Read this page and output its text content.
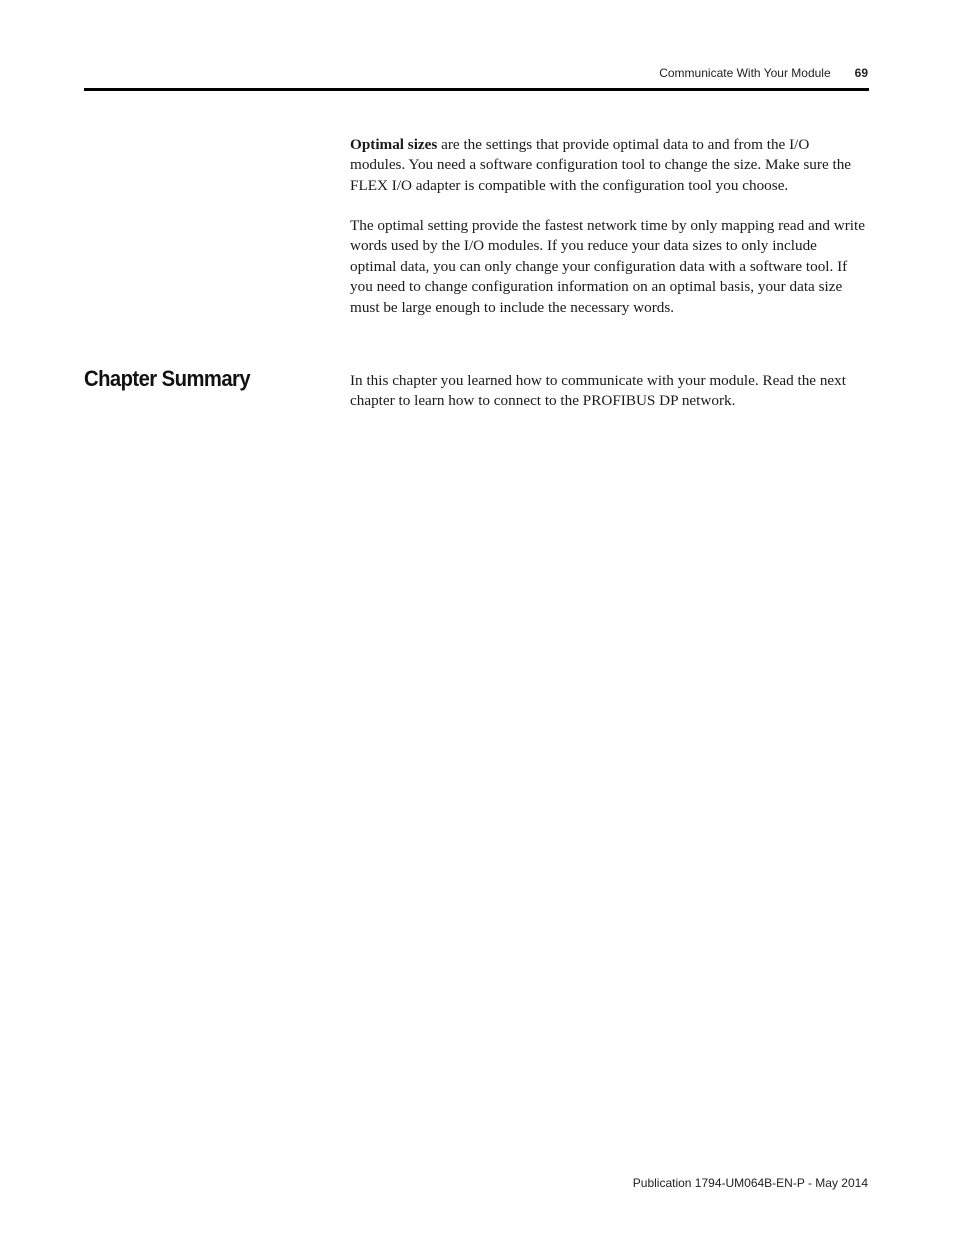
Communicate With Your Module 69

Optimal sizes are the settings that provide optimal data to and from the I/O modules. You need a software configuration tool to change the size. Make sure the FLEX I/O adapter is compatible with the configuration tool you choose.

The optimal setting provide the fastest network time by only mapping read and write words used by the I/O modules. If you reduce your data sizes to only include optimal data, you can only change your configuration data with a software tool. If you need to change configuration information on an optimal basis, your data size must be large enough to include the necessary words.

Chapter Summary	In this chapter you learned how to communicate with your module. Read the next chapter to learn how to connect to the PROFIBUS DP network.

Publication 1794-UM064B-EN-P - May 2014
